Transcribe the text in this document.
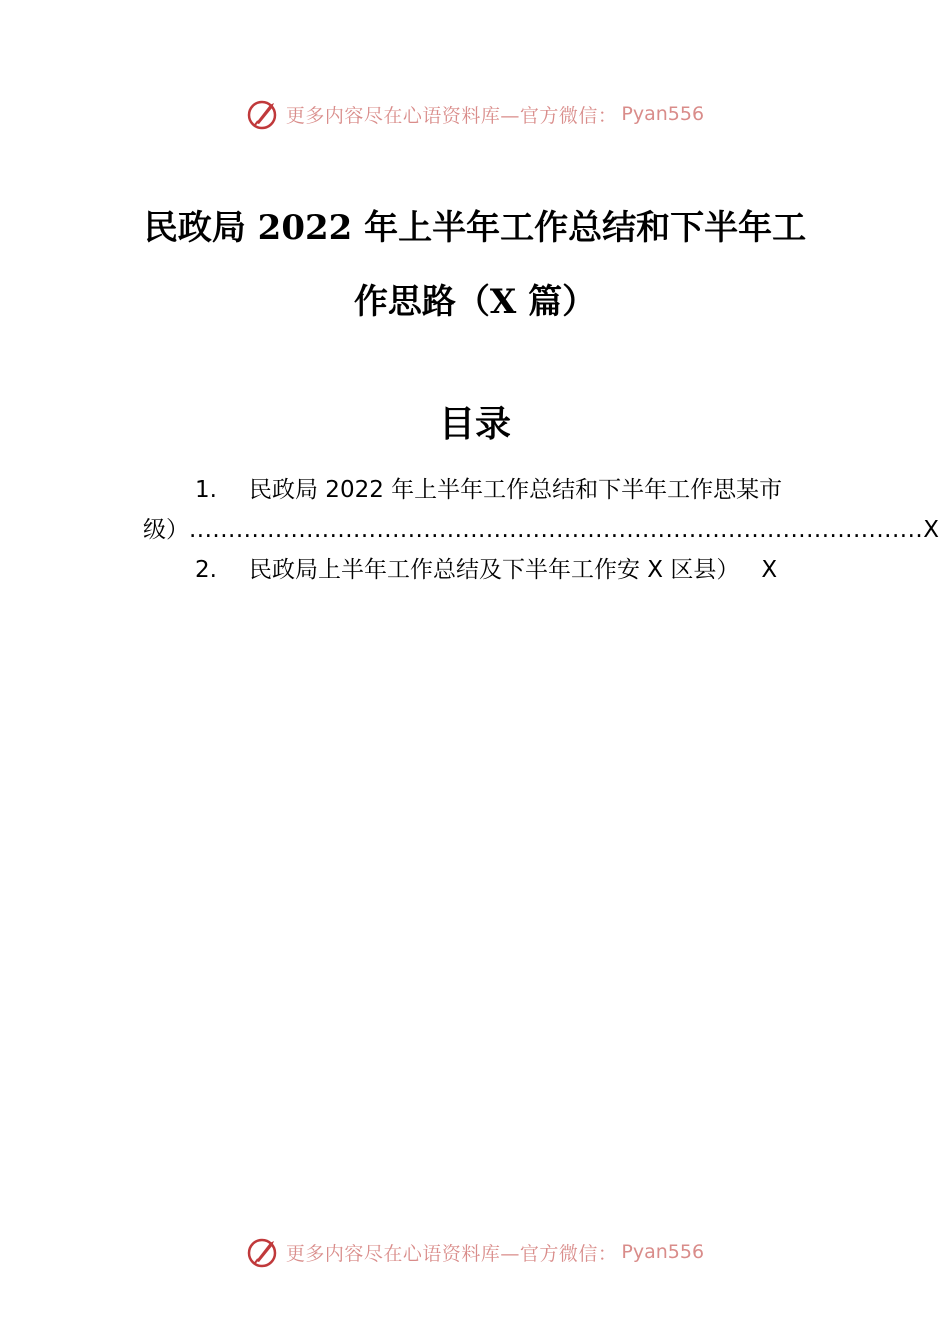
更多内容尽在心语资料库—官方微信： Pyan556
民政局 2022 年上半年工作总结和下半年工
作思路（X 篇）
目录
1. 民政局 2022 年上半年工作总结和下半年工作思某市
级） .............................................................................................. X
2. 民政局上半年工作总结及下半年工作安 X 区县） X
更多内容尽在心语资料库—官方微信： Pyan556
